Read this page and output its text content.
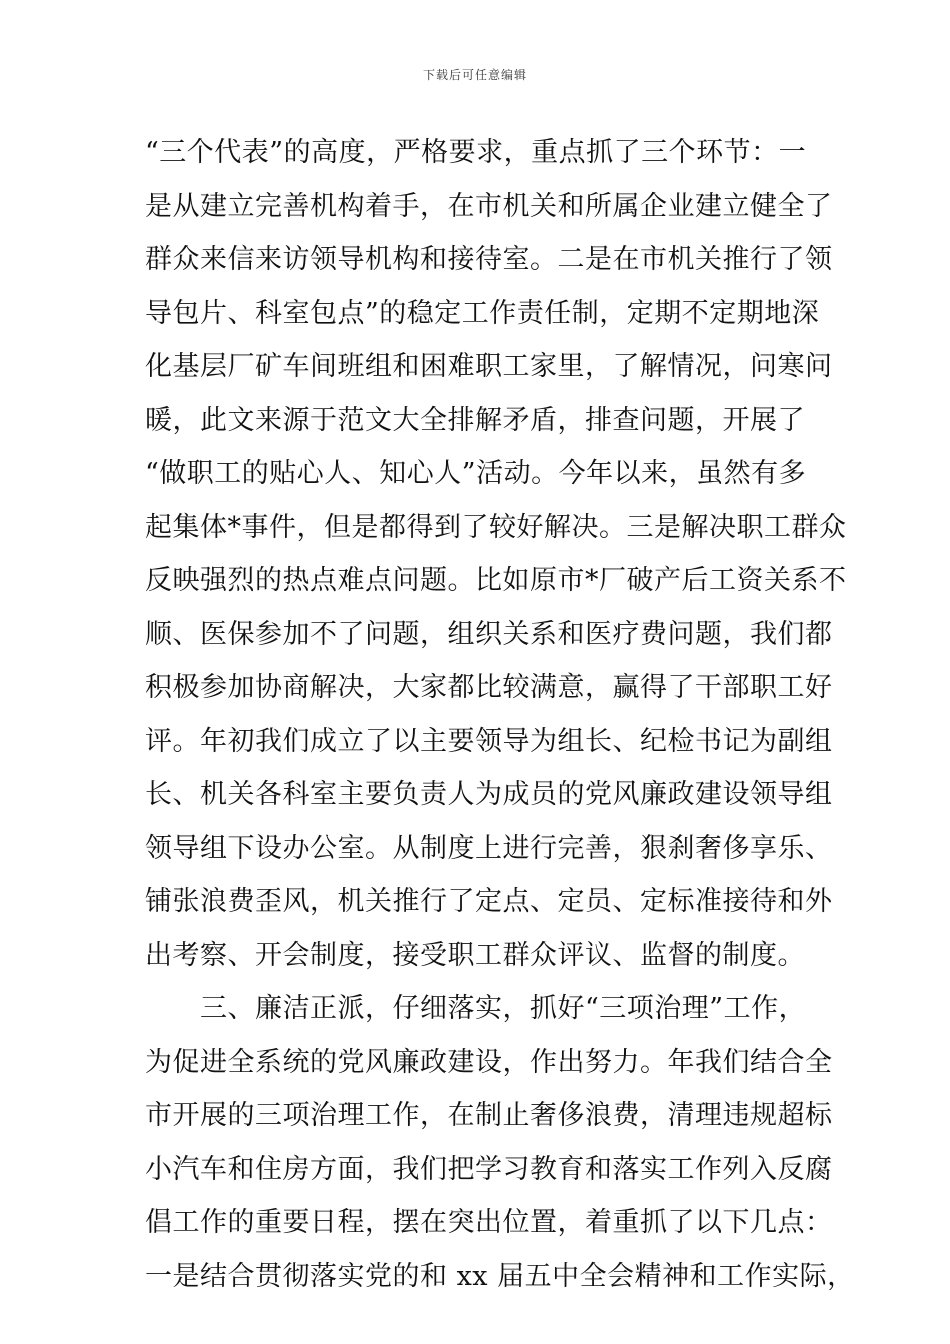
下载后可任意编辑
“三个代表”的高度，严格要求，重点抓了三个环节：一
是从建立完善机构着手，在市机关和所属企业建立健全了
群众来信来访领导机构和接待室。二是在市机关推行了领
导包片、科室包点”的稳定工作责任制，定期不定期地深
化基层厂矿车间班组和困难职工家里，了解情况，问寒问
暖，此文来源于范文大全排解矛盾，排查问题，开展了
“做职工的贴心人、知心人”活动。今年以来，虽然有多
起集体*事件，但是都得到了较好解决。三是解决职工群众
反映强烈的热点难点问题。比如原市*厂破产后工资关系不
顺、医保参加不了问题，组织关系和医疗费问题，我们都
积极参加协商解决，大家都比较满意，赢得了干部职工好
评。年初我们成立了以主要领导为组长、纪检书记为副组
长、机关各科室主要负责人为成员的党风廉政建设领导组
领导组下设办公室。从制度上进行完善，狠刹奢侈享乐、
铺张浪费歪风，机关推行了定点、定员、定标准接待和外
出考察、开会制度，接受职工群众评议、监督的制度。
　　三、廉洁正派，仔细落实，抓好“三项治理”工作，
为促进全系统的党风廉政建设，作出努力。年我们结合全
市开展的三项治理工作，在制止奢侈浪费，清理违规超标
小汽车和住房方面，我们把学习教育和落实工作列入反腐
倡工作的重要日程，摆在突出位置，着重抓了以下几点：
一是结合贯彻落实党的和 xx 届五中全会精神和工作实际，
